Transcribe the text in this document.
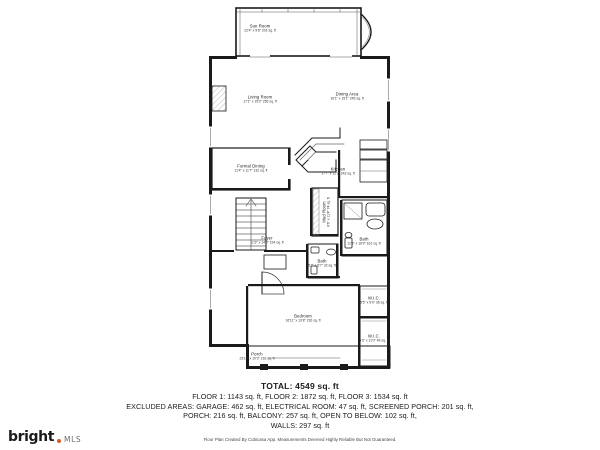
Sun Room
22'4" x 9'6" 201 sq. ft
Living Room
17'1" x 15'0" 255 sq. ft
Dining Area
16'1" x 15'1" 245 sq. ft
Formal Dining
11'4" x 11'7" 132 sq. ft	Kitchen
17'7" x 12'2" 243 sq. ft
Foyer
11'3" x 14'9" 154 sq. ft
Bath
11'3" x 16'9" 161 sq. ft
Bath
5'2" x 8'7" 32 sq. ft
Bedroom
16'11" x 13'8" 216 sq. ft
Porch
23'11" x 10'3" 216 sq. ft
W.I.C.
5'5" x 9'0" 36 sq. ft
W.I.C.
5'3" x 11'0" 49 sq. ft
Mud Room 6'6" x 11'4" 74 sq. ft
TOTAL: 4549 sq. ft
FLOOR 1: 1143 sq. ft, FLOOR 2: 1872 sq. ft, FLOOR 3: 1534 sq. ft
EXCLUDED AREAS: GARAGE: 462 sq. ft, ELECTRICAL ROOM: 47 sq. ft, SCREENED PORCH: 201 sq. ft,
PORCH: 216 sq. ft, BALCONY: 257 sq. ft, OPEN TO BELOW: 102 sq. ft,
WALLS: 297 sq. ft
Floor Plan Created By Cubicasa App. Measurements Deemed Highly Reliable But Not Guaranteed.
bright MLS
